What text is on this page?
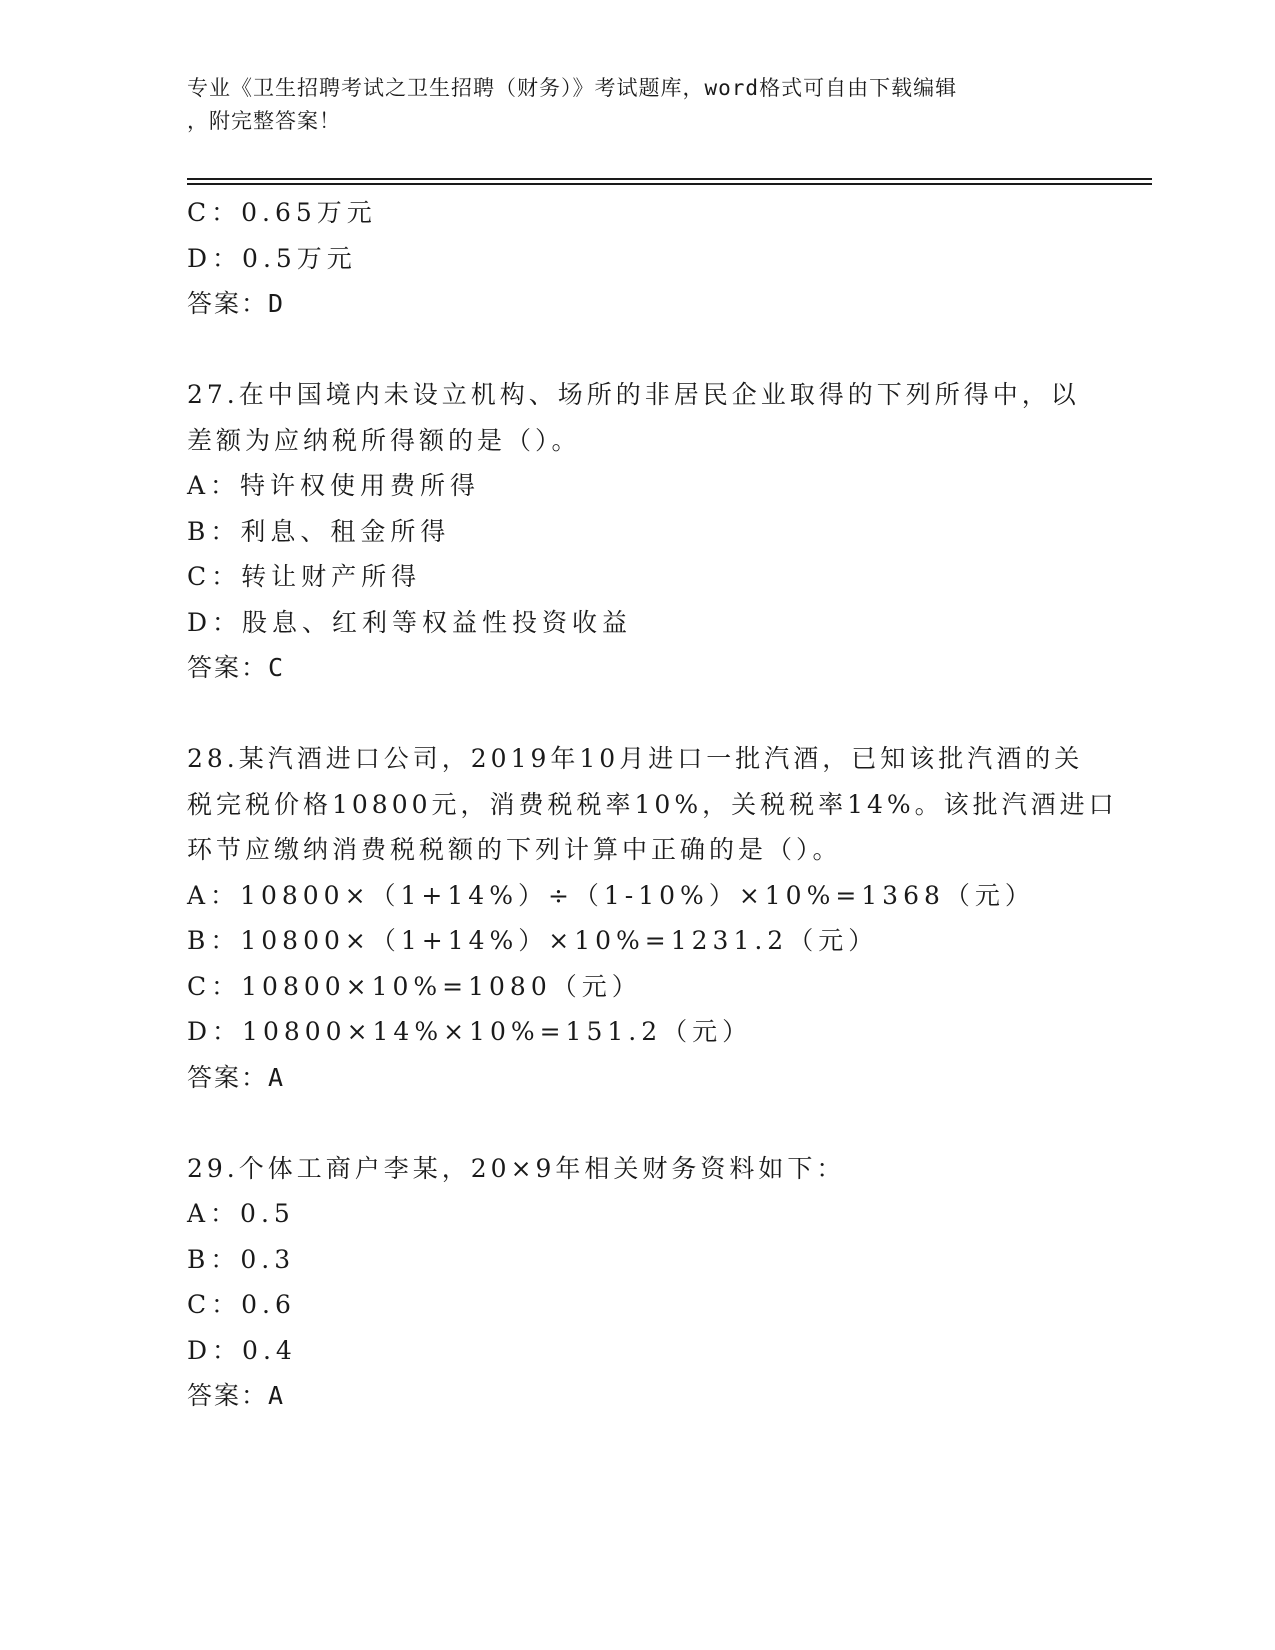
专业《卫生招聘考试之卫生招聘（财务）》考试题库，word格式可自由下载编辑
，附完整答案！
C：0.65万元
D：0.5万元
答案：D
27.在中国境内未设立机构、场所的非居民企业取得的下列所得中，以
差额为应纳税所得额的是（）。
A：特许权使用费所得
B：利息、租金所得
C：转让财产所得
D：股息、红利等权益性投资收益
答案：C
28.某汽酒进口公司，2019年10月进口一批汽酒，已知该批汽酒的关
税完税价格10800元，消费税税率10%，关税税率14%。该批汽酒进口
环节应缴纳消费税税额的下列计算中正确的是（）。
A：10800×（1+14%）÷（1-10%）×10%=1368（元）
B：10800×（1+14%）×10%=1231.2（元）
C：10800×10%=1080（元）
D：10800×14%×10%=151.2（元）
答案：A
29.个体工商户李某，20×9年相关财务资料如下：
A：0.5
B：0.3
C：0.6
D：0.4
答案：A
